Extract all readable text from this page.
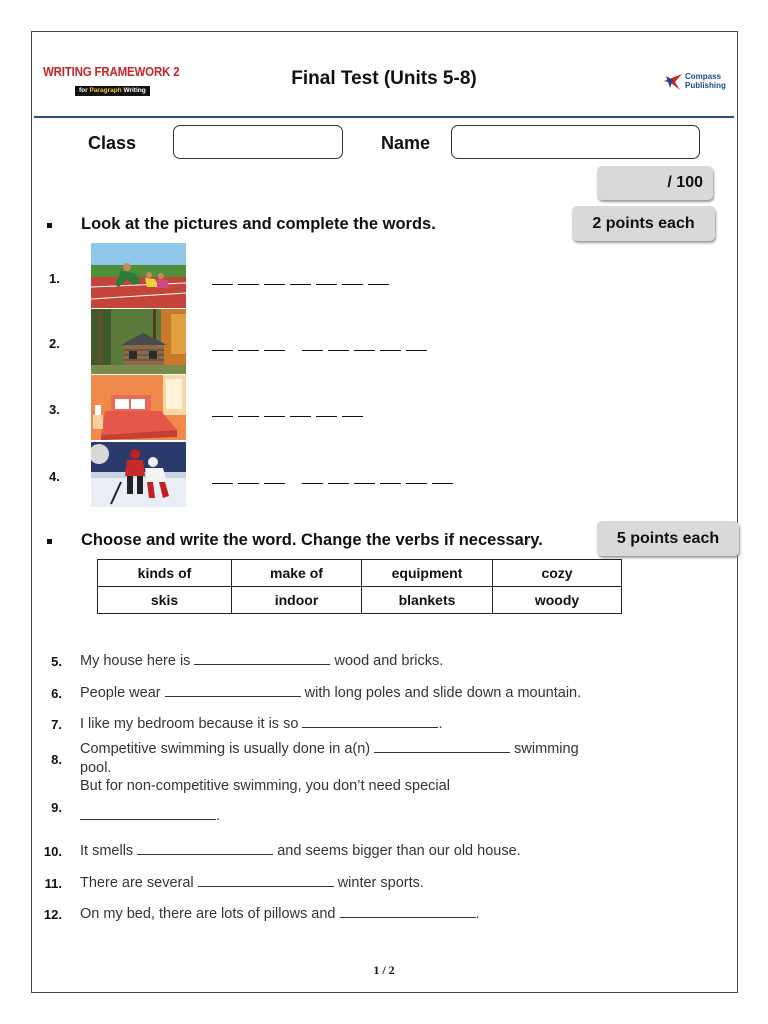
WRITING FRAMEWORK 2
for Paragraph Writing
Final Test (Units 5-8)	Compass
Publishing
Class	Name
/ 100
Look at the pictures and complete the words.	2 points each
1.
2.
3.
4.
Choose and write the word. Change the verbs if necessary.	5 points each
kinds of	make of	equipment	cozy
skis	indoor	blankets	woody
5. My house here is	wood and bricks.
6. People wear	with long poles and slide down a mountain.
7. I like my bedroom because it is so	.
8.
Competitive swimming is usually done in a(n)	swimming
pool.
9.
But for non-competitive swimming, you don’t need special
.
10. It smells	and seems bigger than our old house.
11. There are several	winter sports.
12. On my bed, there are lots of pillows and	.
1 / 2
